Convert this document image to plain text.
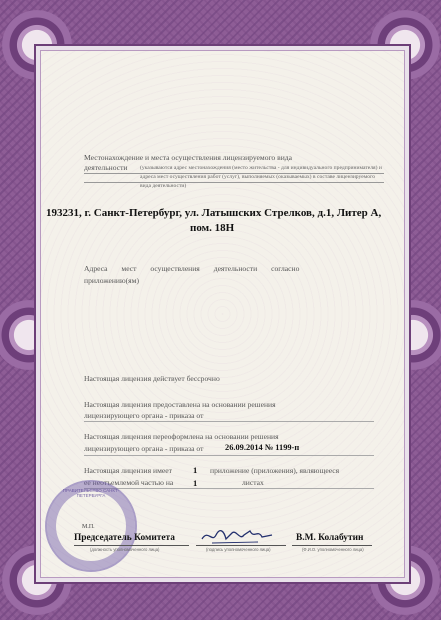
Местонахождение и места осуществления лицензируемого вида
деятельности (указываются адрес местонахождения (место жительства - для индивидуального предпринимателя) и адреса мест осуществления работ (услуг), выполняемых (оказываемых) в составе лицензируемого вида деятельности)
193231, г. Санкт-Петербург, ул. Латышских Стрелков, д.1, Литер А,
пом. 18Н
Адреса мест осуществления деятельности согласно
приложению(ям)
Настоящая лицензия действует бессрочно
Настоящая лицензия предоставлена на основании решения
лицензирующего органа - приказа от
Настоящая лицензия переоформлена на основании решения
лицензирующего органа - приказа от	26.09.2014 № 1199-п
Настоящая лицензия имеет 1 приложение (приложения), являющееся
ее неотъемлемой частью на 1	листах
ПРАВИТЕЛЬСТВО САНКТ-ПЕТЕРБУРГА
М.П.
Председатель Комитета
(должность уполномоченного лица)	(подпись уполномоченного лица)
В.М. Колабутин
(Ф.И.О. уполномоченного лица)
